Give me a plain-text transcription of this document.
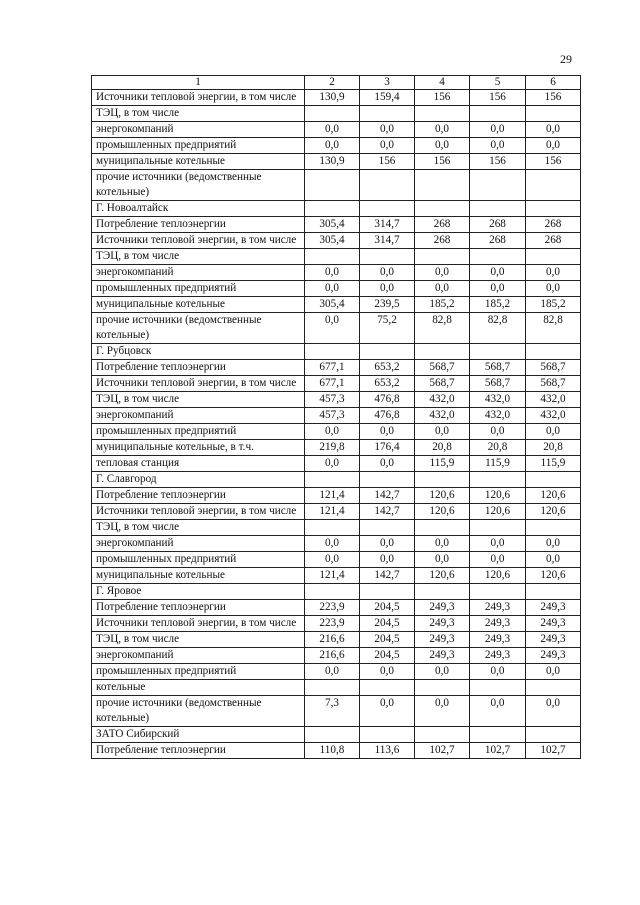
29
1	2	3	4	5	6
Источники тепловой энергии, в том числе	130,9	159,4	156	156	156
ТЭЦ, в том числе					
энергокомпаний	0,0	0,0	0,0	0,0	0,0
промышленных предприятий	0,0	0,0	0,0	0,0	0,0
муниципальные котельные	130,9	156	156	156	156
прочие источники (ведомственные котельные)					
Г. Новоалтайск					
Потребление теплоэнергии	305,4	314,7	268	268	268
Источники тепловой энергии, в том числе	305,4	314,7	268	268	268
ТЭЦ, в том числе					
энергокомпаний	0,0	0,0	0,0	0,0	0,0
промышленных предприятий	0,0	0,0	0,0	0,0	0,0
муниципальные котельные	305,4	239,5	185,2	185,2	185,2
прочие источники (ведомственные котельные)	0,0	75,2	82,8	82,8	82,8
Г. Рубцовск					
Потребление теплоэнергии	677,1	653,2	568,7	568,7	568,7
Источники тепловой энергии, в том числе	677,1	653,2	568,7	568,7	568,7
ТЭЦ, в том числе	457,3	476,8	432,0	432,0	432,0
энергокомпаний	457,3	476,8	432,0	432,0	432,0
промышленных предприятий	0,0	0,0	0,0	0,0	0,0
муниципальные котельные, в т.ч.	219,8	176,4	20,8	20,8	20,8
тепловая станция	0,0	0,0	115,9	115,9	115,9
Г. Славгород					
Потребление теплоэнергии	121,4	142,7	120,6	120,6	120,6
Источники тепловой энергии, в том числе	121,4	142,7	120,6	120,6	120,6
ТЭЦ, в том числе					
энергокомпаний	0,0	0,0	0,0	0,0	0,0
промышленных предприятий	0,0	0,0	0,0	0,0	0,0
муниципальные котельные	121,4	142,7	120,6	120,6	120,6
Г. Яровое					
Потребление теплоэнергии	223,9	204,5	249,3	249,3	249,3
Источники тепловой энергии, в том числе	223,9	204,5	249,3	249,3	249,3
ТЭЦ, в том числе	216,6	204,5	249,3	249,3	249,3
энергокомпаний	216,6	204,5	249,3	249,3	249,3
промышленных предприятий	0,0	0,0	0,0	0,0	0,0
котельные					
прочие источники (ведомственные котельные)	7,3	0,0	0,0	0,0	0,0
ЗАТО Сибирский					
Потребление теплоэнергии	110,8	113,6	102,7	102,7	102,7
